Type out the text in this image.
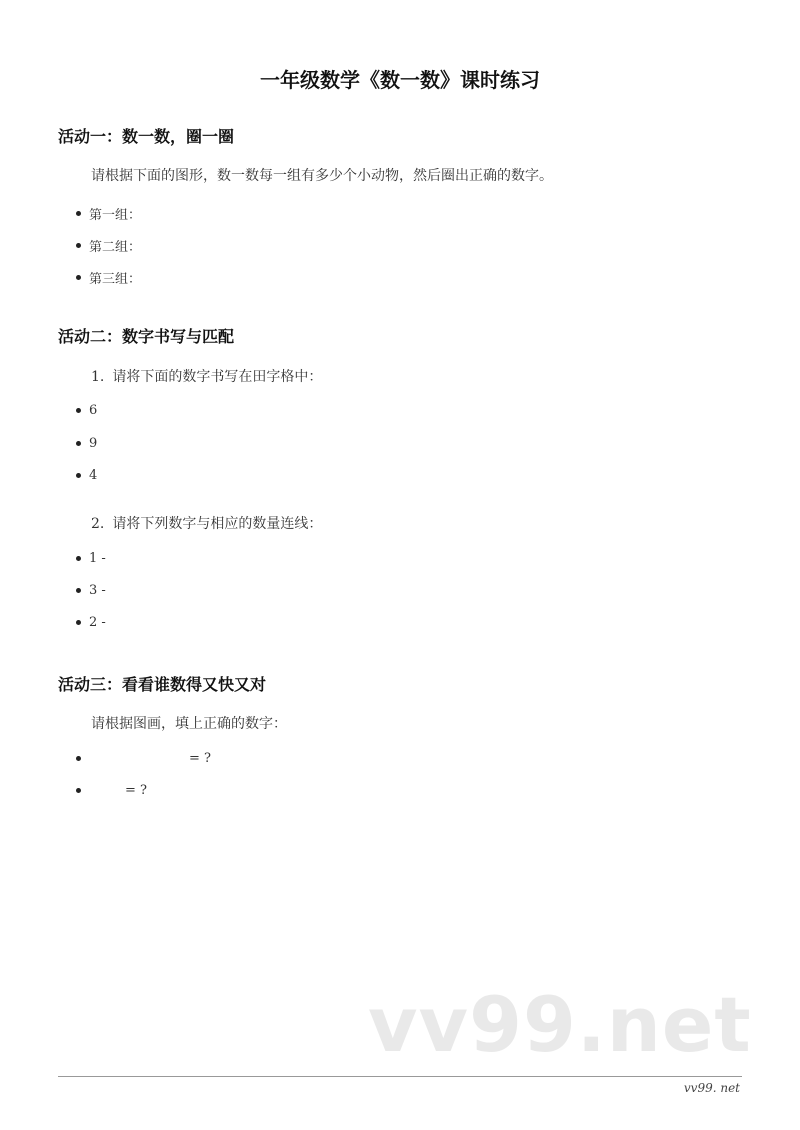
一年级数学《数一数》课时练习
活动一：数一数，圈一圈
请根据下面的图形，数一数每一组有多少个小动物，然后圈出正确的数字。
第一组：
第二组：
第三组：
活动二：数字书写与匹配
1. 请将下面的数字书写在田字格中：
6
9
4
2. 请将下列数字与相应的数量连线：
1 -
3 -
2 -
活动三：看看谁数得又快又对
请根据图画，填上正确的数字：
= ?
= ?
vv99.net
vv99. net
